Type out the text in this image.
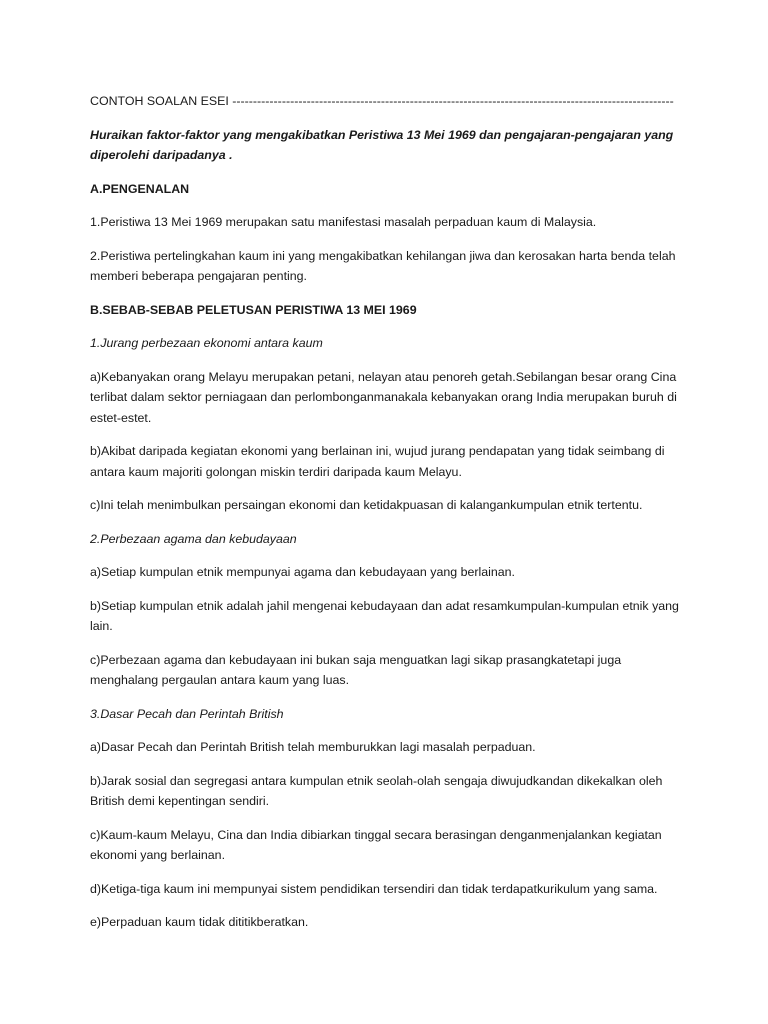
CONTOH SOALAN ESEI -----------------------------------------------------------------------------------------------------------

Huraikan faktor-faktor yang mengakibatkan Peristiwa 13 Mei 1969 dan pengajaran-pengajaran yang diperolehi daripadanya .

A.PENGENALAN

1.Peristiwa 13 Mei 1969 merupakan satu manifestasi masalah perpaduan kaum di Malaysia.

2.Peristiwa pertelingkahan kaum ini yang mengakibatkan kehilangan jiwa dan kerosakan harta benda telah memberi beberapa pengajaran penting.

B.SEBAB-SEBAB PELETUSAN PERISTIWA 13 MEI 1969

1.Jurang perbezaan ekonomi antara kaum

a)Kebanyakan orang Melayu merupakan petani, nelayan atau penoreh getah.Sebilangan besar orang Cina terlibat dalam sektor perniagaan dan perlombonganmanakala kebanyakan orang India merupakan buruh di estet-estet.

b)Akibat daripada kegiatan ekonomi yang berlainan ini, wujud jurang pendapatan yang tidak seimbang di antara kaum majoriti golongan miskin terdiri daripada kaum Melayu.

c)Ini telah menimbulkan persaingan ekonomi dan ketidakpuasan di kalangankumpulan etnik tertentu.

2.Perbezaan agama dan kebudayaan

a)Setiap kumpulan etnik mempunyai agama dan kebudayaan yang berlainan.

b)Setiap kumpulan etnik adalah jahil mengenai kebudayaan dan adat resamkumpulan-kumpulan etnik yang lain.

c)Perbezaan agama dan kebudayaan ini bukan saja menguatkan lagi sikap prasangkatetapi juga menghalang pergaulan antara kaum yang luas.

3.Dasar Pecah dan Perintah British

a)Dasar Pecah dan Perintah British telah memburukkan lagi masalah perpaduan.

b)Jarak sosial dan segregasi antara kumpulan etnik seolah-olah sengaja diwujudkandan dikekalkan oleh British demi kepentingan sendiri.

c)Kaum-kaum Melayu, Cina dan India dibiarkan tinggal secara berasingan denganmenjalankan kegiatan ekonomi yang berlainan.

d)Ketiga-tiga kaum ini mempunyai sistem pendidikan tersendiri dan tidak terdapatkurikulum yang sama.

e)Perpaduan kaum tidak dititikberatkan.
